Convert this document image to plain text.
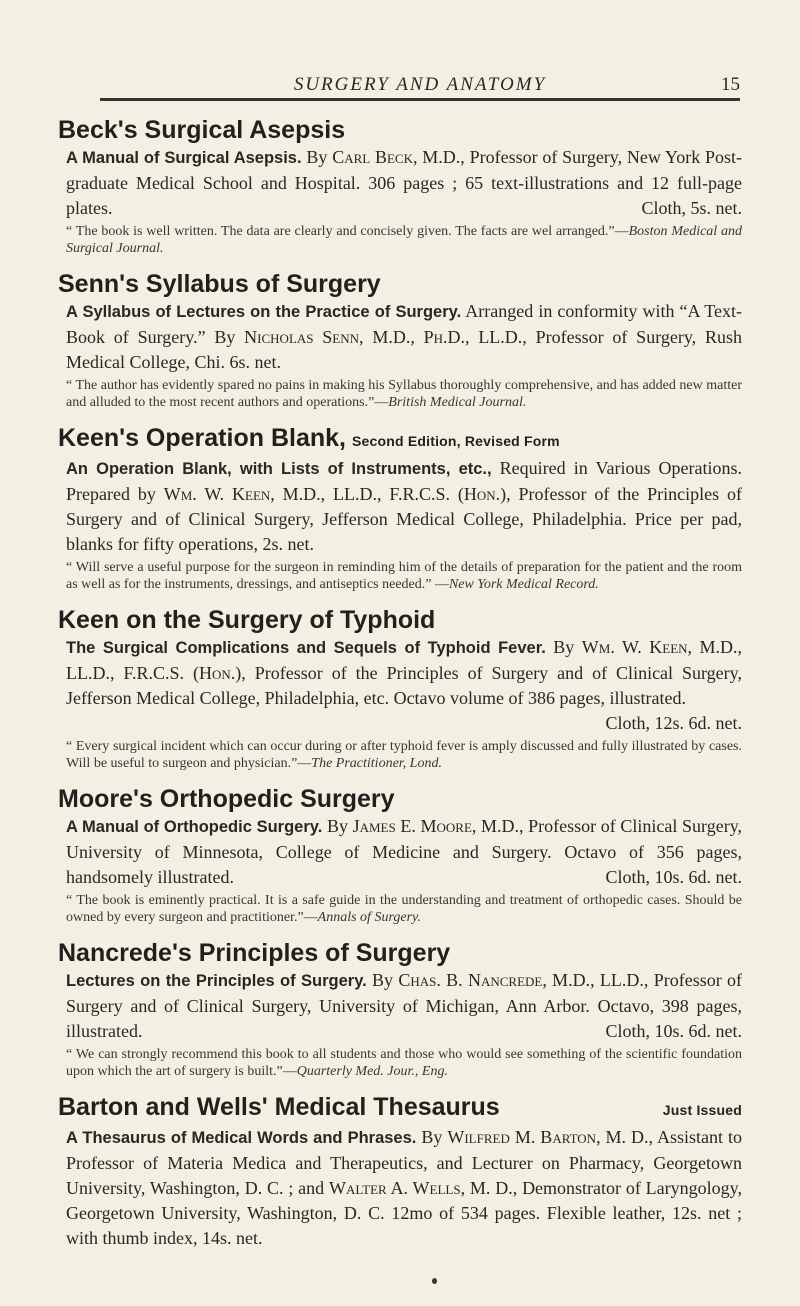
SURGERY AND ANATOMY	15
Beck's Surgical Asepsis
A Manual of Surgical Asepsis. By Carl Beck, M.D., Professor of Surgery, New York Post-graduate Medical School and Hospital. 306 pages ; 65 text-illustrations and 12 full-page plates.	Cloth, 5s. net.
“ The book is well written. The data are clearly and concisely given. The facts are wel arranged.”—Boston Medical and Surgical Journal.
Senn's Syllabus of Surgery
A Syllabus of Lectures on the Practice of Surgery. Arranged in conformity with “A Text-Book of Surgery.” By Nicholas Senn, M.D., Ph.D., LL.D., Professor of Surgery, Rush Medical College, Chi. 6s. net.
“ The author has evidently spared no pains in making his Syllabus thoroughly comprehensive, and has added new matter and alluded to the most recent authors and operations.”—British Medical Journal.
Keen's Operation Blank, Second Edition, Revised Form
An Operation Blank, with Lists of Instruments, etc., Required in Various Operations. Prepared by Wm. W. Keen, M.D., LL.D., F.R.C.S. (Hon.), Professor of the Principles of Surgery and of Clinical Surgery, Jefferson Medical College, Philadelphia. Price per pad, blanks for fifty operations, 2s. net.
“ Will serve a useful purpose for the surgeon in reminding him of the details of preparation for the patient and the room as well as for the instruments, dressings, and antiseptics needed.” —New York Medical Record.
Keen on the Surgery of Typhoid
The Surgical Complications and Sequels of Typhoid Fever. By Wm. W. Keen, M.D., LL.D., F.R.C.S. (Hon.), Professor of the Principles of Surgery and of Clinical Surgery, Jefferson Medical College, Philadelphia, etc. Octavo volume of 386 pages, illustrated.
Cloth, 12s. 6d. net.
“ Every surgical incident which can occur during or after typhoid fever is amply discussed and fully illustrated by cases. Will be useful to surgeon and physician.”—The Practitioner, Lond.
Moore's Orthopedic Surgery
A Manual of Orthopedic Surgery. By James E. Moore, M.D., Professor of Clinical Surgery, University of Minnesota, College of Medicine and Surgery. Octavo of 356 pages, handsomely illustrated.	Cloth, 10s. 6d. net.
“ The book is eminently practical. It is a safe guide in the understanding and treatment of orthopedic cases. Should be owned by every surgeon and practitioner.”—Annals of Surgery.
Nancrede's Principles of Surgery
Lectures on the Principles of Surgery. By Chas. B. Nancrede, M.D., LL.D., Professor of Surgery and of Clinical Surgery, University of Michigan, Ann Arbor. Octavo, 398 pages, illustrated.	Cloth, 10s. 6d. net.
“ We can strongly recommend this book to all students and those who would see something of the scientific foundation upon which the art of surgery is built.”—Quarterly Med. Jour., Eng.
Barton and Wells' Medical Thesaurus	Just Issued
A Thesaurus of Medical Words and Phrases. By Wilfred M. Barton, M. D., Assistant to Professor of Materia Medica and Therapeutics, and Lecturer on Pharmacy, Georgetown University, Washington, D. C. ; and Walter A. Wells, M. D., Demonstrator of Laryngology, Georgetown University, Washington, D. C. 12mo of 534 pages. Flexible leather, 12s. net ; with thumb index, 14s. net.
